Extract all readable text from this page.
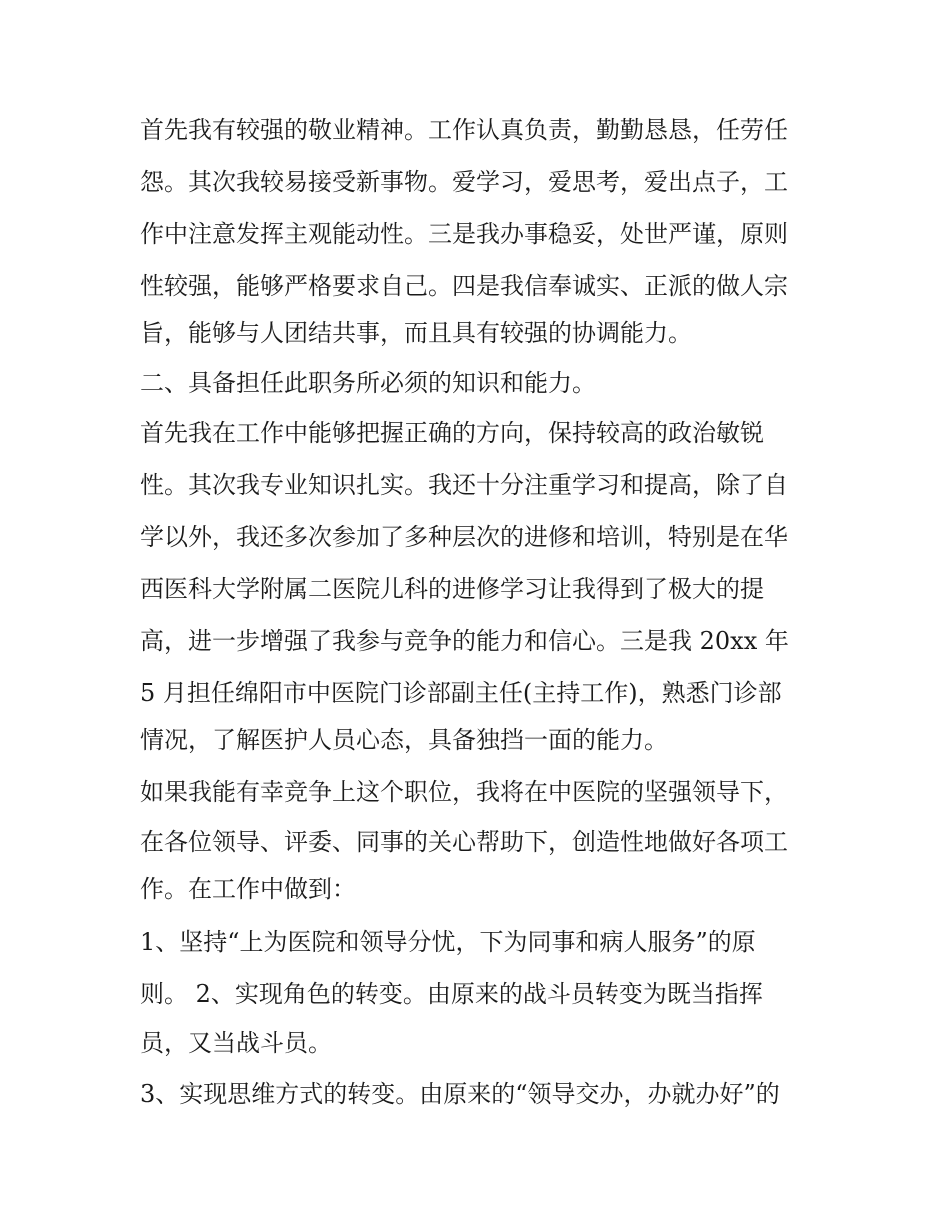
首先我有较强的敬业精神。工作认真负责，勤勤恳恳，任劳任

怨。其次我较易接受新事物。爱学习，爱思考，爱出点子，工

作中注意发挥主观能动性。三是我办事稳妥，处世严谨，原则

性较强，能够严格要求自己。四是我信奉诚实、正派的做人宗

旨，能够与人团结共事，而且具有较强的协调能力。

二、具备担任此职务所必须的知识和能力。

首先我在工作中能够把握正确的方向，保持较高的政治敏锐

性。其次我专业知识扎实。我还十分注重学习和提高，除了自

学以外，我还多次参加了多种层次的进修和培训，特别是在华

西医科大学附属二医院儿科的进修学习让我得到了极大的提

高，进一步增强了我参与竞争的能力和信心。三是我 20xx 年

5 月担任绵阳市中医院门诊部副主任(主持工作)，熟悉门诊部

情况，了解医护人员心态，具备独挡一面的能力。

如果我能有幸竞争上这个职位，我将在中医院的坚强领导下，

在各位领导、评委、同事的关心帮助下，创造性地做好各项工

作。在工作中做到：

1、坚持“上为医院和领导分忧，下为同事和病人服务”的原

则。 2、实现角色的转变。由原来的战斗员转变为既当指挥

员，又当战斗员。

3、实现思维方式的转变。由原来的“领导交办，办就办好”的
